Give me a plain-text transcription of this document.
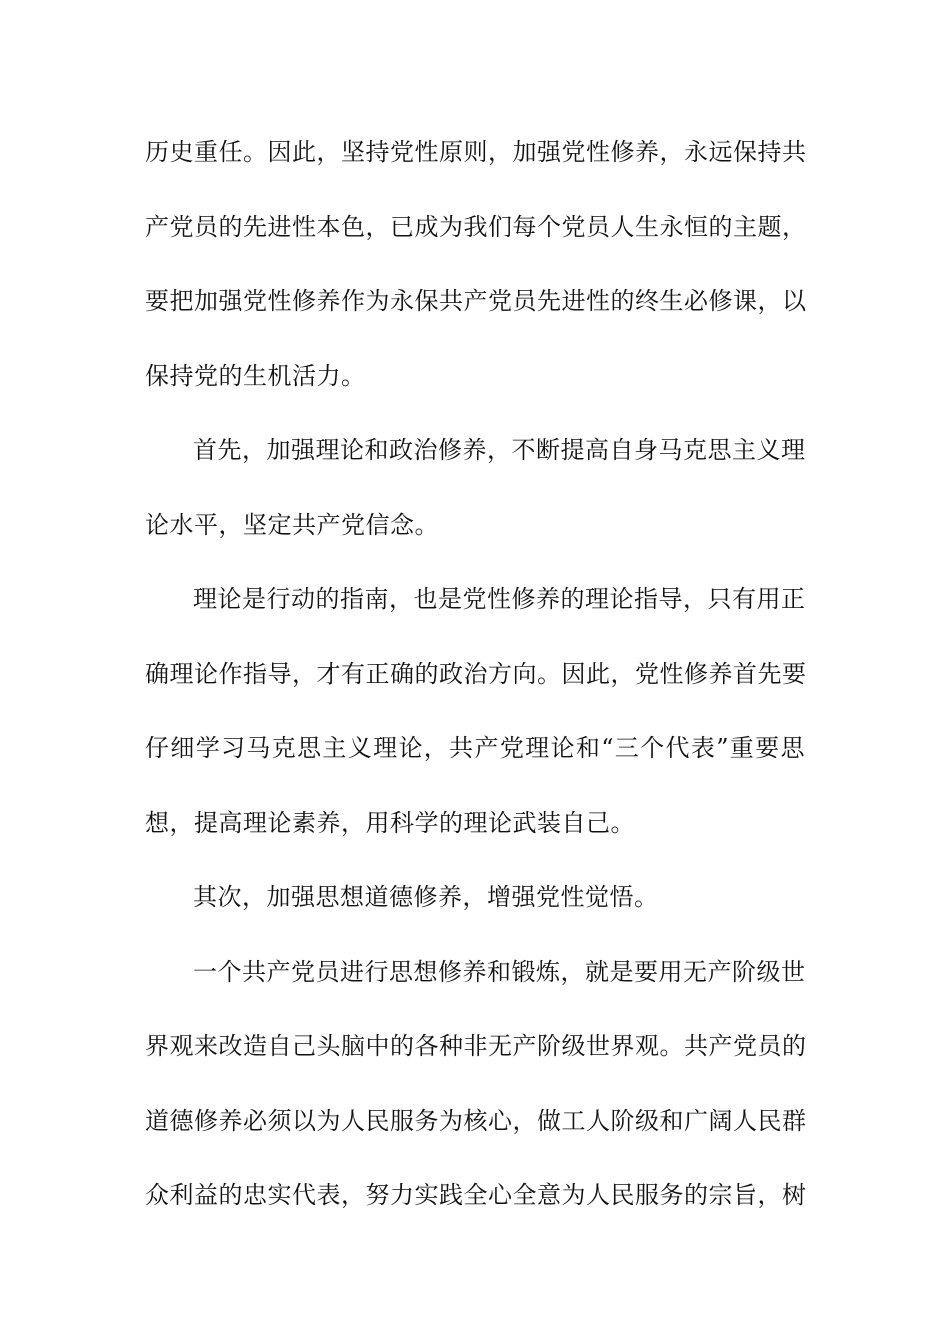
历史重任。因此，坚持党性原则，加强党性修养，永远保持共
产党员的先进性本色，已成为我们每个党员人生永恒的主题，
要把加强党性修养作为永保共产党员先进性的终生必修课，以
保持党的生机活力。
首先，加强理论和政治修养，不断提高自身马克思主义理
论水平，坚定共产党信念。
理论是行动的指南，也是党性修养的理论指导，只有用正
确理论作指导，才有正确的政治方向。因此，党性修养首先要
仔细学习马克思主义理论，共产党理论和“三个代表”重要思
想，提高理论素养，用科学的理论武装自己。
其次，加强思想道德修养，增强党性觉悟。
一个共产党员进行思想修养和锻炼，就是要用无产阶级世
界观来改造自己头脑中的各种非无产阶级世界观。共产党员的
道德修养必须以为人民服务为核心，做工人阶级和广阔人民群
众利益的忠实代表，努力实践全心全意为人民服务的宗旨，树
